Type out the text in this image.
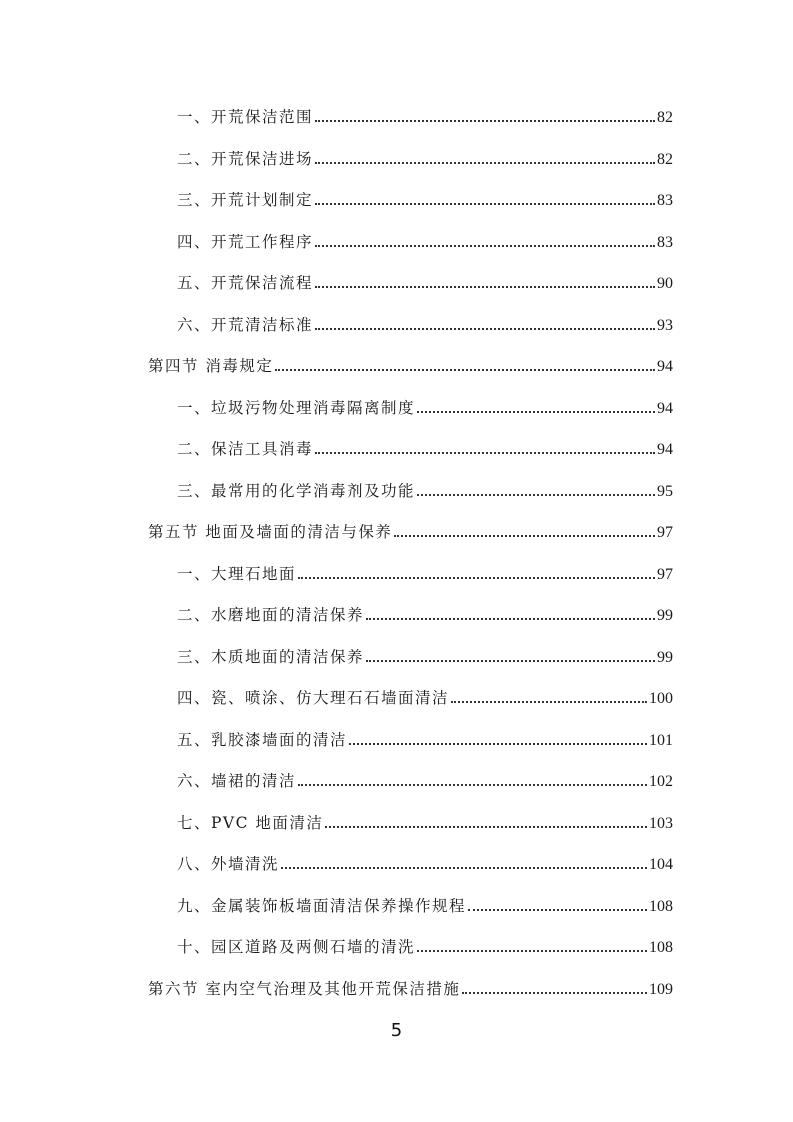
一、开荒保洁范围	82
二、开荒保洁进场	82
三、开荒计划制定	83
四、开荒工作程序	83
五、开荒保洁流程	90
六、开荒清洁标准	93
第四节 消毒规定	94
一、垃圾污物处理消毒隔离制度	94
二、保洁工具消毒	94
三、最常用的化学消毒剂及功能	95
第五节 地面及墙面的清洁与保养	97
一、大理石地面	97
二、水磨地面的清洁保养	99
三、木质地面的清洁保养	99
四、瓷、喷涂、仿大理石石墙面清洁	100
五、乳胶漆墙面的清洁	101
六、墙裙的清洁	102
七、PVC 地面清洁	103
八、外墙清洗	104
九、金属装饰板墙面清洁保养操作规程	108
十、园区道路及两侧石墙的清洗	108
第六节 室内空气治理及其他开荒保洁措施	109
5
